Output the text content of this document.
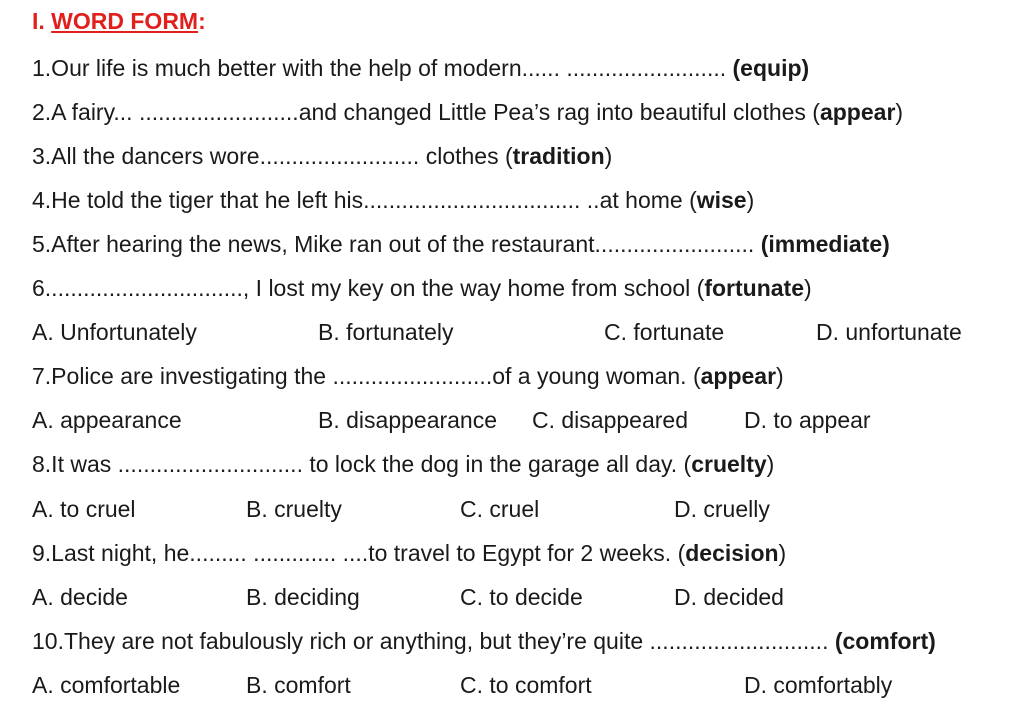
I. WORD FORM:
1.Our life is much better with the help of modern...... ......................... (equip)
2.A fairy... .........................and changed Little Pea’s rag into beautiful clothes (appear)
3.All the dancers wore......................... clothes (tradition)
4.He told the tiger that he left his.................................. ..at home (wise)
5.After hearing the news, Mike ran out of the restaurant......................... (immediate)
6..............................., I lost my key on the way home from school (fortunate)
A. Unfortunately	B. fortunately	C. fortunate	D. unfortunate
7.Police are investigating the .........................of a young woman. (appear)
A. appearance	B. disappearance C. disappeared D. to appear
8.It was ............................. to lock the dog in the garage all day. (cruelty)
A. to cruel	B. cruelty	C. cruel	D. cruelly
9.Last night, he......... ............. ....to travel to Egypt for 2 weeks. (decision)
A. decide	B. deciding	C. to decide	D. decided
10.They are not fabulously rich or anything, but they’re quite ............................ (comfort)
A. comfortable	B. comfort	C. to comfort	D. comfortably
